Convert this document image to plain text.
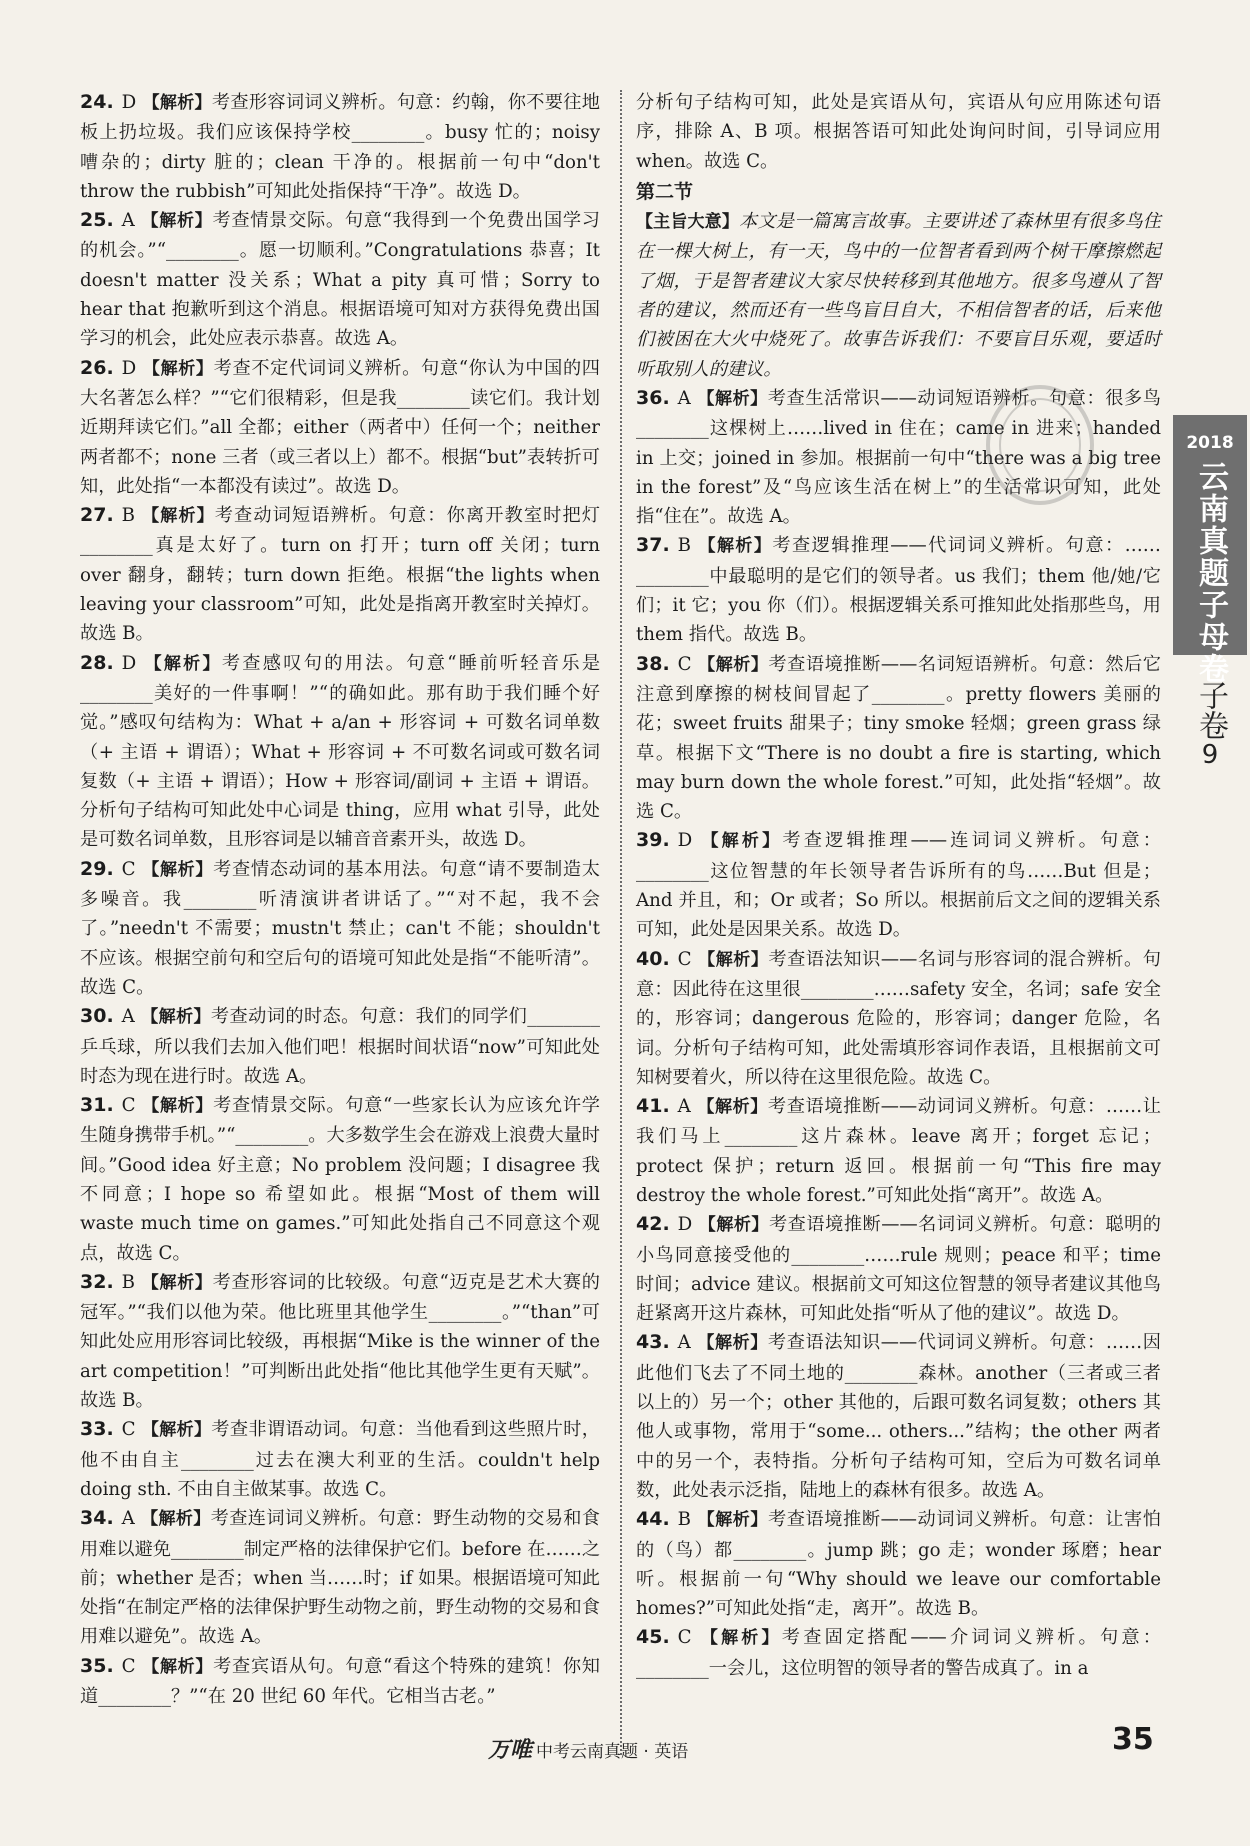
24. D 【解析】考查形容词词义辨析。句意：约翰，你不要往地板上扔垃圾。我们应该保持学校________。busy 忙的；noisy 嘈杂的；dirty 脏的；clean 干净的。根据前一句中“don't throw the rubbish”可知此处指保持“干净”。故选 D。
25. A 【解析】考查情景交际。句意“我得到一个免费出国学习的机会。”“________。愿一切顺利。”Congratulations 恭喜；It doesn't matter 没关系；What a pity 真可惜；Sorry to hear that 抱歉听到这个消息。根据语境可知对方获得免费出国学习的机会，此处应表示恭喜。故选 A。
26. D 【解析】考查不定代词词义辨析。句意“你认为中国的四大名著怎么样？”“它们很精彩，但是我________读它们。我计划近期拜读它们。”all 全都；either（两者中）任何一个；neither 两者都不；none 三者（或三者以上）都不。根据“but”表转折可知，此处指“一本都没有读过”。故选 D。
27. B 【解析】考查动词短语辨析。句意：你离开教室时把灯________真是太好了。turn on 打开；turn off 关闭；turn over 翻身，翻转；turn down 拒绝。根据“the lights when leaving your classroom”可知，此处是指离开教室时关掉灯。故选 B。
28. D 【解析】考查感叹句的用法。句意“睡前听轻音乐是________美好的一件事啊！”“的确如此。那有助于我们睡个好觉。”感叹句结构为：What + a/an + 形容词 + 可数名词单数（+ 主语 + 谓语）；What + 形容词 + 不可数名词或可数名词复数（+ 主语 + 谓语）；How + 形容词/副词 + 主语 + 谓语。分析句子结构可知此处中心词是 thing，应用 what 引导，此处是可数名词单数，且形容词是以辅音音素开头，故选 D。
29. C 【解析】考查情态动词的基本用法。句意“请不要制造太多噪音。我________听清演讲者讲话了。”“对不起，我不会了。”needn't 不需要；mustn't 禁止；can't 不能；shouldn't 不应该。根据空前句和空后句的语境可知此处是指“不能听清”。故选 C。
30. A 【解析】考查动词的时态。句意：我们的同学们________乒乓球，所以我们去加入他们吧！根据时间状语“now”可知此处时态为现在进行时。故选 A。
31. C 【解析】考查情景交际。句意“一些家长认为应该允许学生随身携带手机。”“________。大多数学生会在游戏上浪费大量时间。”Good idea 好主意；No problem 没问题；I disagree 我不同意；I hope so 希望如此。根据“Most of them will waste much time on games.”可知此处指自己不同意这个观点，故选 C。
32. B 【解析】考查形容词的比较级。句意“迈克是艺术大赛的冠军。”“我们以他为荣。他比班里其他学生________。”“than”可知此处应用形容词比较级，再根据“Mike is the winner of the art competition！”可判断出此处指“他比其他学生更有天赋”。故选 B。
33. C 【解析】考查非谓语动词。句意：当他看到这些照片时，他不由自主________过去在澳大利亚的生活。couldn't help doing sth. 不由自主做某事。故选 C。
34. A 【解析】考查连词词义辨析。句意：野生动物的交易和食用难以避免________制定严格的法律保护它们。before 在……之前；whether 是否；when 当……时；if 如果。根据语境可知此处指“在制定严格的法律保护野生动物之前，野生动物的交易和食用难以避免”。故选 A。
35. C 【解析】考查宾语从句。句意“看这个特殊的建筑！你知道________？”“在 20 世纪 60 年代。它相当古老。”
分析句子结构可知，此处是宾语从句，宾语从句应用陈述句语序，排除 A、B 项。根据答语可知此处询问时间，引导词应用 when。故选 C。
第二节
【主旨大意】本文是一篇寓言故事。主要讲述了森林里有很多鸟住在一棵大树上，有一天，鸟中的一位智者看到两个树干摩擦燃起了烟，于是智者建议大家尽快转移到其他地方。很多鸟遵从了智者的建议，然而还有一些鸟盲目自大，不相信智者的话，后来他们被困在大火中烧死了。故事告诉我们：不要盲目乐观，要适时听取别人的建议。
36. A 【解析】考查生活常识——动词短语辨析。句意：很多鸟________这棵树上……lived in 住在；came in 进来；handed in 上交；joined in 参加。根据前一句中“there was a big tree in the forest”及“鸟应该生活在树上”的生活常识可知，此处指“住在”。故选 A。
37. B 【解析】考查逻辑推理——代词词义辨析。句意：……________中最聪明的是它们的领导者。us 我们；them 他/她/它们；it 它；you 你（们）。根据逻辑关系可推知此处指那些鸟，用 them 指代。故选 B。
38. C 【解析】考查语境推断——名词短语辨析。句意：然后它注意到摩擦的树枝间冒起了________。pretty flowers 美丽的花；sweet fruits 甜果子；tiny smoke 轻烟；green grass 绿草。根据下文“There is no doubt a fire is starting, which may burn down the whole forest.”可知，此处指“轻烟”。故选 C。
39. D 【解析】考查逻辑推理——连词词义辨析。句意：________这位智慧的年长领导者告诉所有的鸟……But 但是；And 并且，和；Or 或者；So 所以。根据前后文之间的逻辑关系可知，此处是因果关系。故选 D。
40. C 【解析】考查语法知识——名词与形容词的混合辨析。句意：因此待在这里很________……safety 安全，名词；safe 安全的，形容词；dangerous 危险的，形容词；danger 危险，名词。分析句子结构可知，此处需填形容词作表语，且根据前文可知树要着火，所以待在这里很危险。故选 C。
41. A 【解析】考查语境推断——动词词义辨析。句意：……让我们马上________这片森林。leave 离开；forget 忘记；protect 保护；return 返回。根据前一句“This fire may destroy the whole forest.”可知此处指“离开”。故选 A。
42. D 【解析】考查语境推断——名词词义辨析。句意：聪明的小鸟同意接受他的________……rule 规则；peace 和平；time 时间；advice 建议。根据前文可知这位智慧的领导者建议其他鸟赶紧离开这片森林，可知此处指“听从了他的建议”。故选 D。
43. A 【解析】考查语法知识——代词词义辨析。句意：……因此他们飞去了不同土地的________森林。another（三者或三者以上的）另一个；other 其他的，后跟可数名词复数；others 其他人或事物，常用于“some... others...”结构；the other 两者中的另一个，表特指。分析句子结构可知，空后为可数名词单数，此处表示泛指，陆地上的森林有很多。故选 A。
44. B 【解析】考查语境推断——动词词义辨析。句意：让害怕的（鸟）都________。jump 跳；go 走；wonder 琢磨；hear 听。根据前一句“Why should we leave our comfortable homes?”可知此处指“走，离开”。故选 B。
45. C 【解析】考查固定搭配——介词词义辨析。句意：________一会儿，这位明智的领导者的警告成真了。in a
2018
云南真题子母卷
子卷
9
万唯 中考云南真题 · 英语	35
